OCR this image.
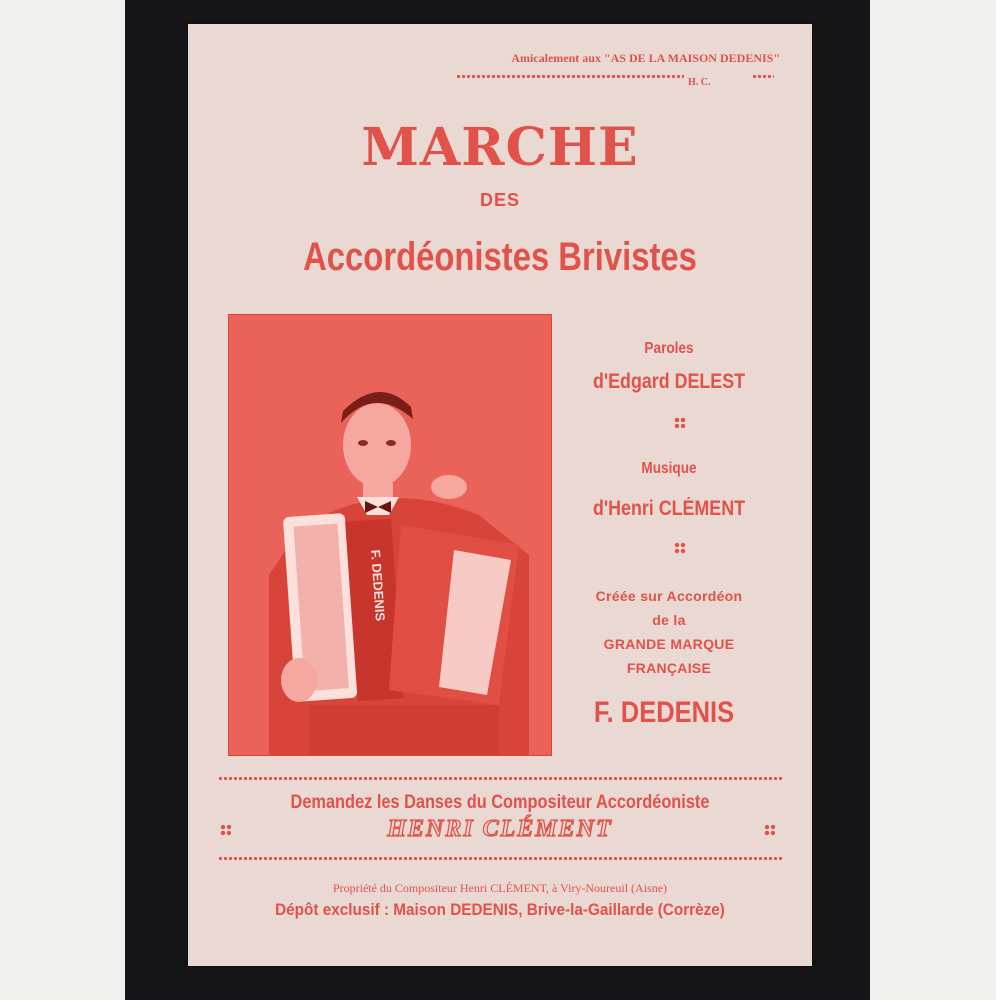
Amicalement aux "AS DE LA MAISON DEDENIS"
H. C.
MARCHE
DES
Accordéonistes Brivistes
F. DEDENIS
Paroles
d'Edgard DELEST
Musique
d'Henri CLÉMENT
Créée sur Accordéon
de la
GRANDE MARQUE
FRANÇAISE
F. DEDENIS
Demandez les Danses du Compositeur Accordéoniste
HENRI CLÉMENT
Propriété du Compositeur Henri CLÉMENT, à Viry-Noureuil (Aisne)
Dépôt exclusif : Maison DEDENIS, Brive-la-Gaillarde (Corrèze)
